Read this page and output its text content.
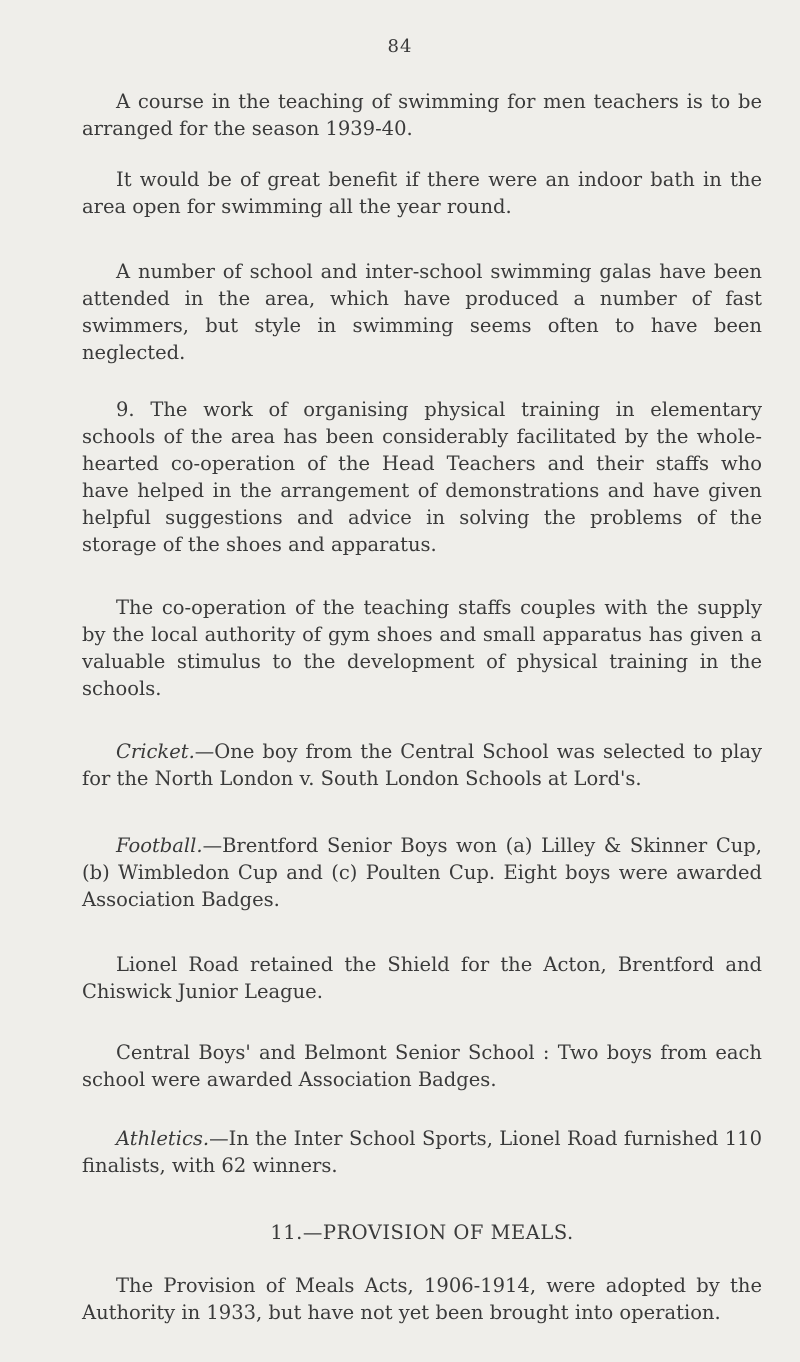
84

A course in the teaching of swimming for men teachers is to be arranged for the season 1939-40.

It would be of great benefit if there were an indoor bath in the area open for swimming all the year round.

A number of school and inter-school swimming galas have been attended in the area, which have produced a number of fast swimmers, but style in swimming seems often to have been neglected.

9. The work of organising physical training in elementary schools of the area has been considerably facilitated by the whole-hearted co-operation of the Head Teachers and their staffs who have helped in the arrangement of demonstrations and have given helpful suggestions and advice in solving the problems of the storage of the shoes and apparatus.

The co-operation of the teaching staffs couples with the supply by the local authority of gym shoes and small apparatus has given a valuable stimulus to the development of physical training in the schools.

Cricket.—One boy from the Central School was selected to play for the North London v. South London Schools at Lord's.

Football.—Brentford Senior Boys won (a) Lilley & Skinner Cup, (b) Wimbledon Cup and (c) Poulten Cup. Eight boys were awarded Association Badges.

Lionel Road retained the Shield for the Acton, Brentford and Chiswick Junior League.

Central Boys' and Belmont Senior School : Two boys from each school were awarded Association Badges.

Athletics.—In the Inter School Sports, Lionel Road furnished 110 finalists, with 62 winners.

11.—PROVISION OF MEALS.

The Provision of Meals Acts, 1906-1914, were adopted by the Authority in 1933, but have not yet been brought into operation.
